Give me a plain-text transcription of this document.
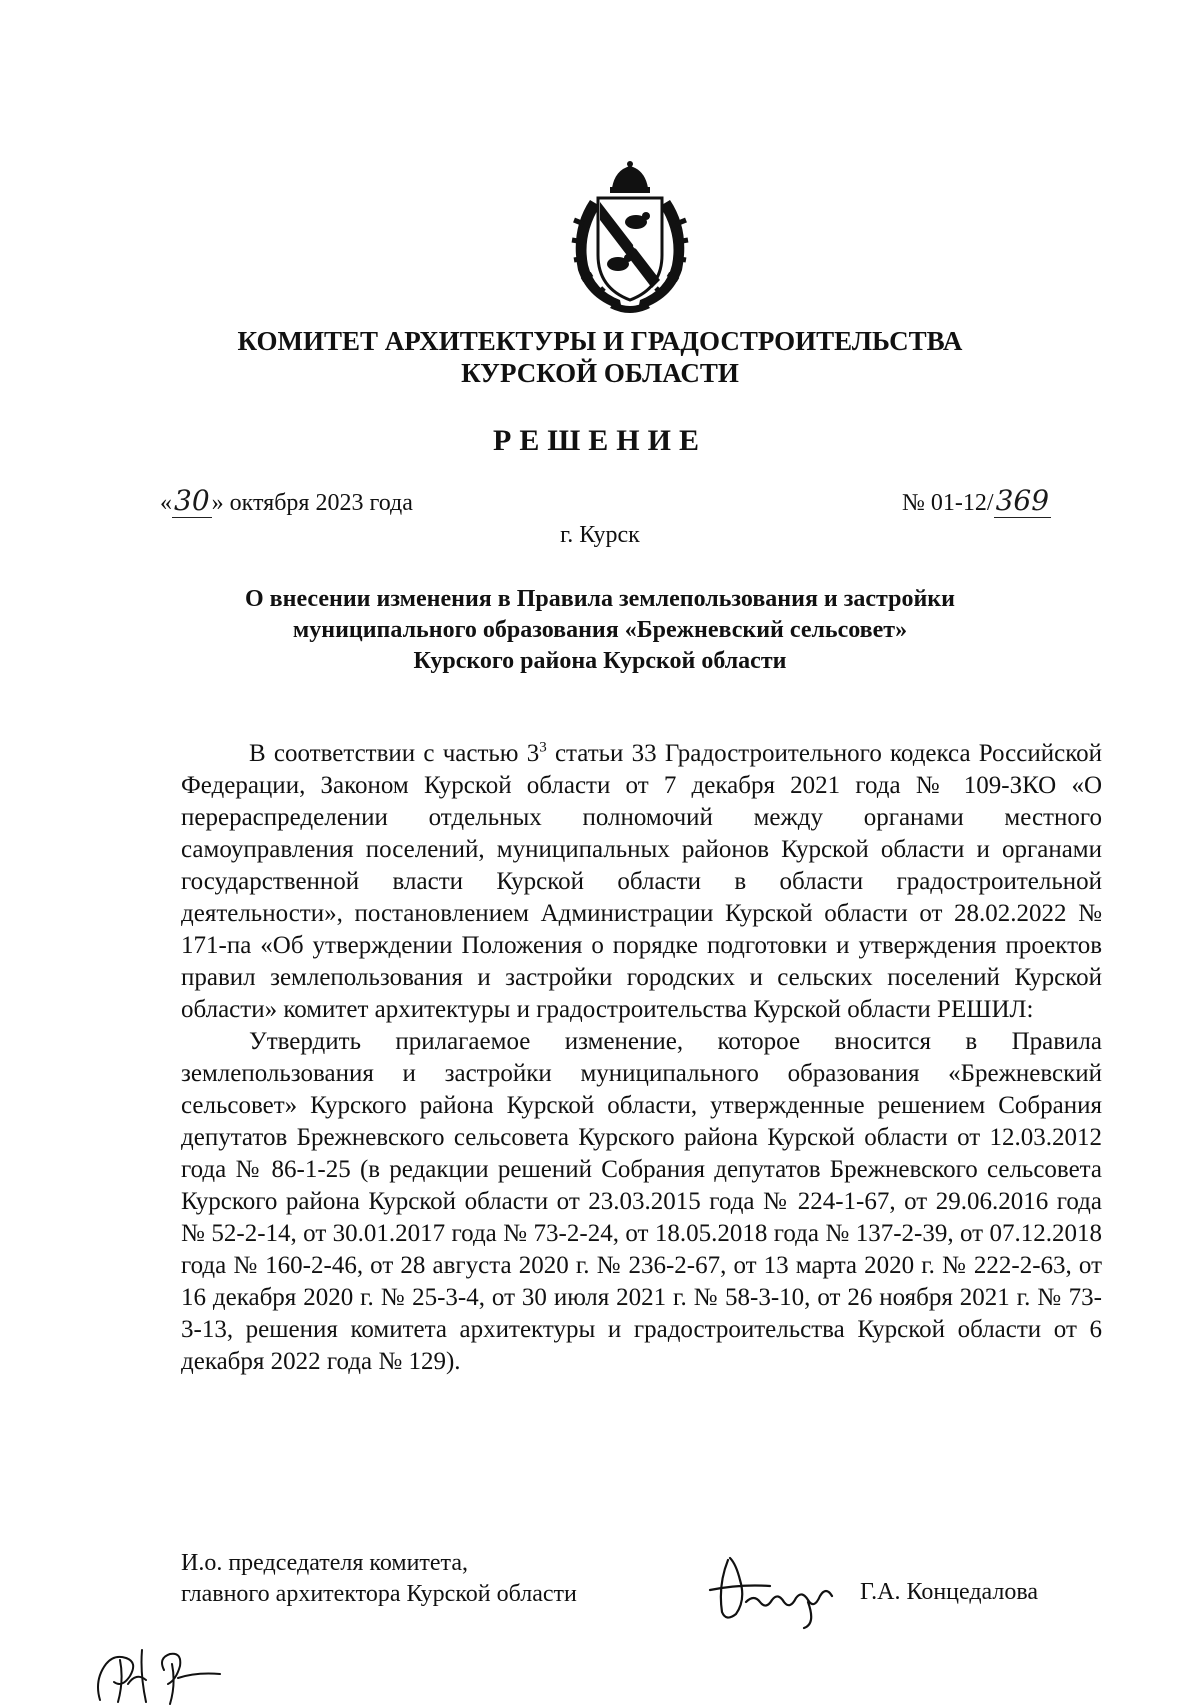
КОМИТЕТ АРХИТЕКТУРЫ И ГРАДОСТРОИТЕЛЬСТВА
КУРСКОЙ ОБЛАСТИ
РЕШЕНИЕ
«30» октября 2023 года	№ 01-12/369
г. Курск
О внесении изменения в Правила землепользования и застройки
муниципального образования «Брежневский сельсовет»
Курского района Курской области

В соответствии с частью $3^3$ статьи 33 Градостроительного кодекса Российской Федерации, Законом Курской области от 7 декабря 2021 года № 109-ЗКО «О перераспределении отдельных полномочий между органами местного самоуправления поселений, муниципальных районов Курской области и органами государственной власти Курской области в области градостроительной деятельности», постановлением Администрации Курской области от 28.02.2022 № 171-па «Об утверждении Положения о порядке подготовки и утверждения проектов правил землепользования и застройки городских и сельских поселений Курской области» комитет архитектуры и градостроительства Курской области РЕШИЛ:

Утвердить прилагаемое изменение, которое вносится в Правила землепользования и застройки муниципального образования «Брежневский сельсовет» Курского района Курской области, утвержденные решением Собрания депутатов Брежневского сельсовета Курского района Курской области от 12.03.2012 года № 86-1-25 (в редакции решений Собрания депутатов Брежневского сельсовета Курского района Курской области от 23.03.2015 года № 224-1-67, от 29.06.2016 года № 52-2-14, от 30.01.2017 года № 73-2-24, от 18.05.2018 года № 137-2-39, от 07.12.2018 года № 160-2-46, от 28 августа 2020 г. № 236-2-67, от 13 марта 2020 г. № 222-2-63, от 16 декабря 2020 г. № 25-3-4, от 30 июля 2021 г. № 58-3-10, от 26 ноября 2021 г. № 73-3-13, решения комитета архитектуры и градостроительства Курской области от 6 декабря 2022 года № 129).

И.о. председателя комитета,
главного архитектора Курской области	Г.А. Концедалова
